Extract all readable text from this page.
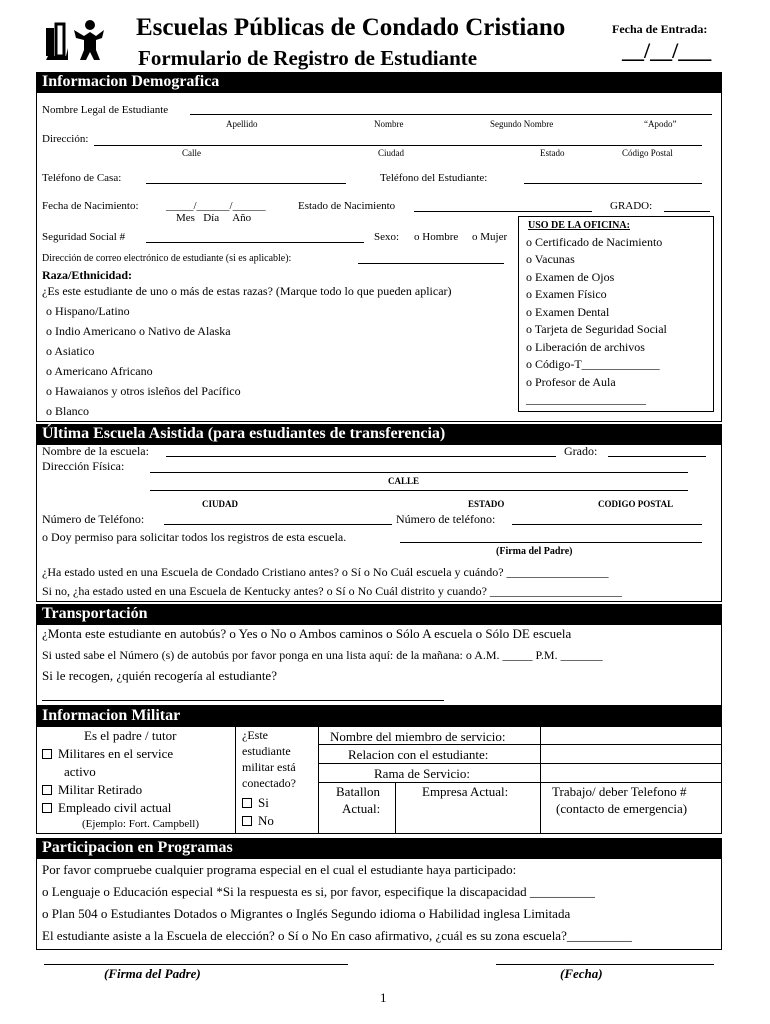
Escuelas Públicas de Condado Cristiano
Formulario de Registro de Estudiante
Fecha de Entrada:
__/__/___
Informacion Demografica
Nombre Legal de Estudiante
Apellido	Nombre	Segundo Nombre	“Apodo”
Dirección:
Calle	Ciudad	Estado	Código Postal
Teléfono de Casa:	Teléfono del Estudiante:
Fecha de Nacimiento: _____/______/______
Mes   Día     Año
Estado de Nacimiento	GRADO:
Seguridad Social #	Sexo: o Hombre o Mujer
Dirección de correo electrónico de estudiante (si es aplicable):
Raza/Ethnicidad:
¿Es este estudiante de uno o más de estas razas? (Marque todo lo que pueden aplicar)
o Hispano/Latino
o Indio Americano o Nativo de Alaska
o Asiatico
o Americano Africano
o Hawaianos y otros isleños del Pacífico
o Blanco
USO DE LA OFICINA:
o Certificado de Nacimiento
o Vacunas
o Examen de Ojos
o Examen Físico
o Examen Dental
o Tarjeta de Seguridad Social
o Liberación de archivos
o Código-T_____________
o Profesor de Aula
____________________
Última Escuela Asistida (para estudiantes de transferencia)
Nombre de la escuela:	Grado:
Dirección Física:
CALLE
CIUDAD	ESTADO	CODIGO POSTAL
Número de Teléfono:	Número de teléfono:
o Doy permiso para solicitar todos los registros de esta escuela.
(Firma del Padre)
¿Ha estado usted en una Escuela de Condado Cristiano antes? o Sí o No Cuál escuela y cuándo? _________________
Si no, ¿ha estado usted en una Escuela de Kentucky antes? o Sí o No Cuál distrito y cuando? ______________________
Transportación
¿Monta este estudiante en autobús? o Yes o No o Ambos caminos o Sólo A escuela o Sólo DE escuela
Si usted sabe el Número (s) de autobús por favor ponga en una lista aquí: de la mañana: o A.M. _____ P.M. _______
Si le recogen, ¿quién recogería al estudiante?
Informacion Militar
Es el padre / tutor
Militares en el service
activo
Militar Retirado
Empleado civil actual
(Ejemplo: Fort. Campbell)
¿Este
estudiante
militar está
conectado?
Si
No
Nombre del miembro de servicio:
Relacion con el estudiante:
Rama de Servicio:
Batallon
Actual:
Empresa Actual:	Trabajo/ deber Telefono #
(contacto de emergencia)
Participacion en Programas
Por favor compruebe cualquier programa especial en el cual el estudiante haya participado:
o Lenguaje o Educación especial *Si la respuesta es si, por favor, especifique la discapacidad __________
o Plan 504 o Estudiantes Dotados o Migrantes o Inglés Segundo idioma o Habilidad inglesa Limitada
El estudiante asiste a la Escuela de elección? o Sí o No En caso afirmativo, ¿cuál es su zona escuela?__________
(Firma del Padre)	(Fecha)
1
